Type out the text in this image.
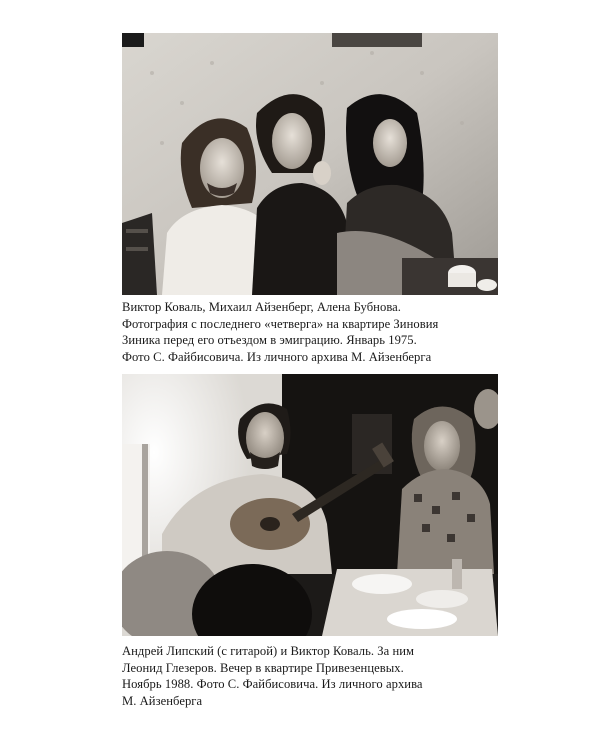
Виктор Коваль, Михаил Айзенберг, Алена Бубнова.
Фотография с последнего «четверга» на квартире Зиновия
Зиника перед его отъездом в эмиграцию. Январь 1975.
Фото С. Файбисовича. Из личного архива М. Айзенберга
Андрей Липский (с гитарой) и Виктор Коваль. За ним
Леонид Глезеров. Вечер в квартире Привезенцевых.
Ноябрь 1988. Фото С. Файбисовича. Из личного архива
М. Айзенберга
